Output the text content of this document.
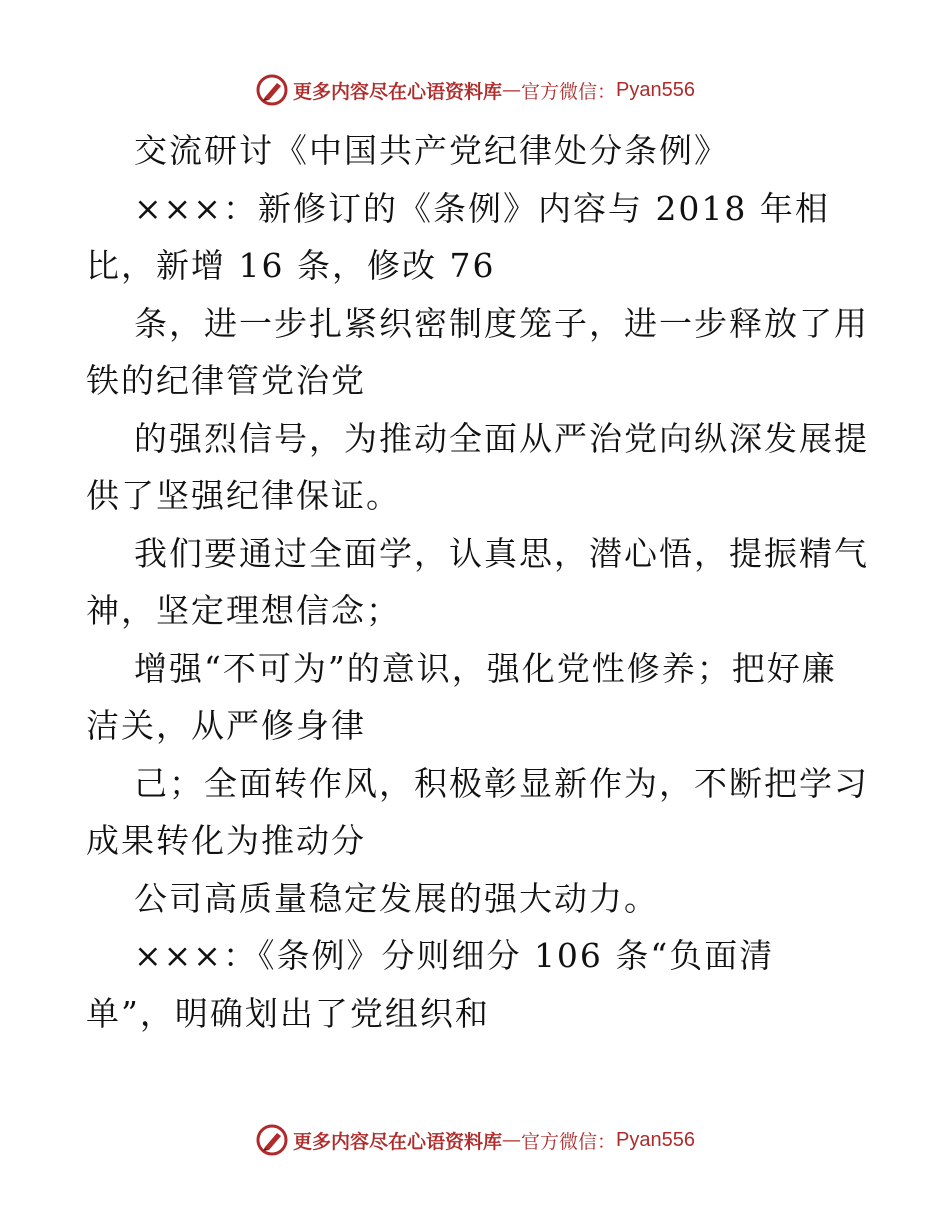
更多内容尽在心语资料库 — 官方微信： Pyan556
交流研讨《中国共产党纪律处分条例》
×××：新修订的《条例》内容与 2018 年相
比，新增 16 条，修改 76
条，进一步扎紧织密制度笼子，进一步释放了用
铁的纪律管党治党
的强烈信号，为推动全面从严治党向纵深发展提
供了坚强纪律保证。
我们要通过全面学，认真思，潜心悟，提振精气
神，坚定理想信念；
增强“不可为”的意识，强化党性修养；把好廉
洁关，从严修身律
己；全面转作风，积极彰显新作为，不断把学习
成果转化为推动分
公司高质量稳定发展的强大动力。
×××：《条例》分则细分 106 条“负面清
单”，明确划出了党组织和
更多内容尽在心语资料库 — 官方微信： Pyan556
